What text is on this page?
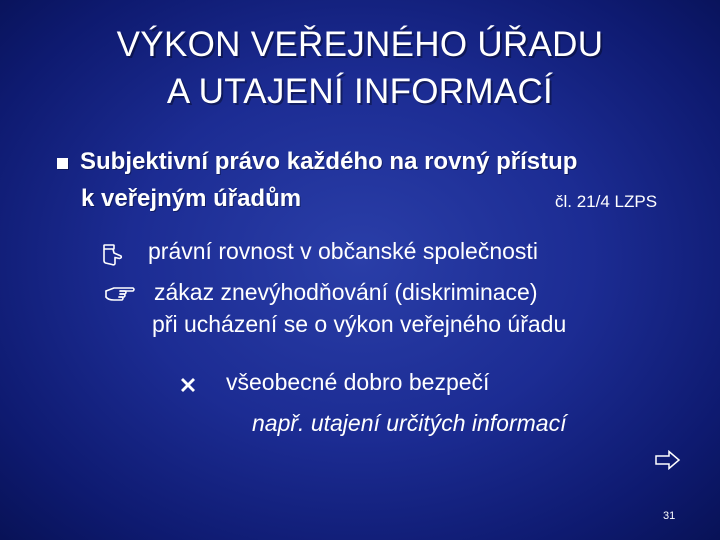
VÝKON VEŘEJNÉHO ÚŘADU
A UTAJENÍ INFORMACÍ
Subjektivní právo každého na rovný přístup
k veřejným úřadům	čl. 21/4 LZPS
právní rovnost v občanské společnosti
zákaz znevýhodňování (diskriminace)
při ucházení se o výkon veřejného úřadu
všeobecné dobro bezpečí
např. utajení určitých informací
31
